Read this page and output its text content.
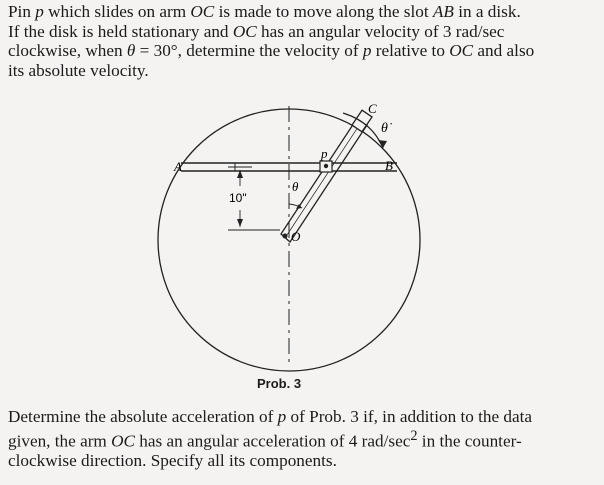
Pin p which slides on arm OC is made to move along the slot AB in a disk.
If the disk is held stationary and OC has an angular velocity of 3 rad/sec
clockwise, when θ = 30°, determine the velocity of p relative to OC and also
its absolute velocity.

A	B
C
O
p
θ
θ̇
10"
Prob. 3

Determine the absolute acceleration of p of Prob. 3 if, in addition to the data
given, the arm OC has an angular acceleration of 4 rad/$\sec^2$ in the counter-
clockwise direction. Specify all its components.
